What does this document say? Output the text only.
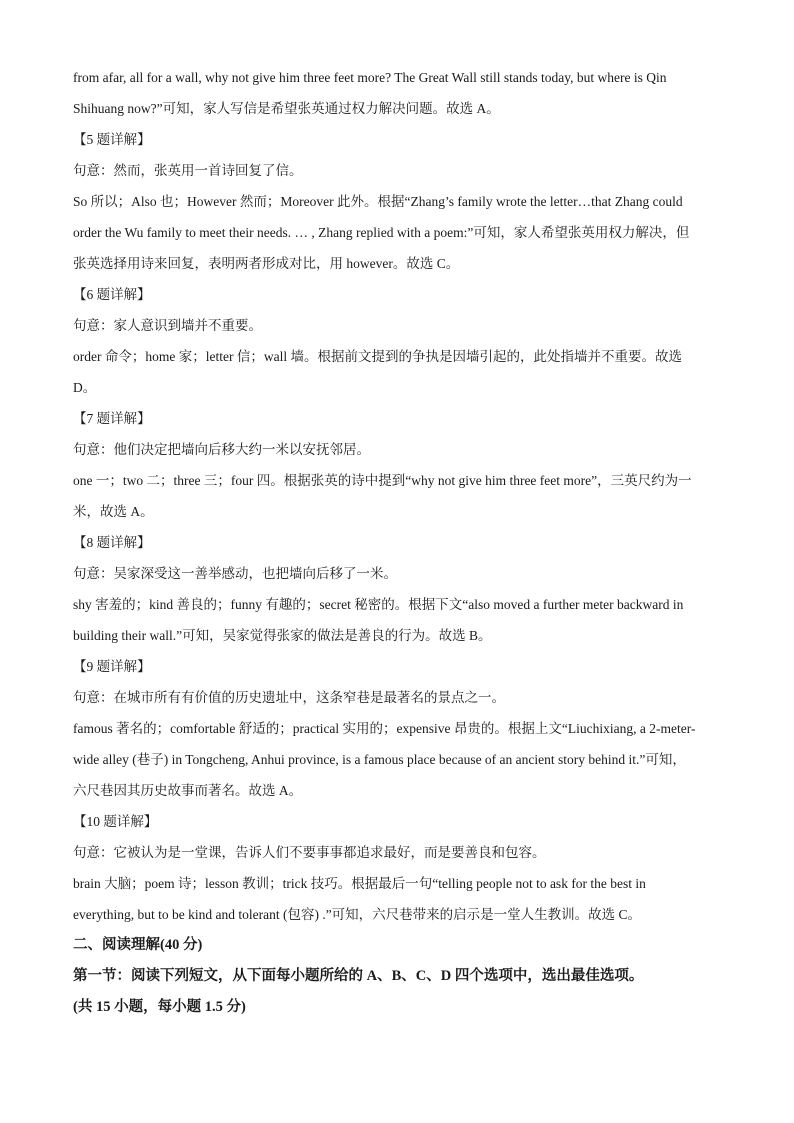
from afar, all for a wall, why not give him three feet more? The Great Wall still stands today, but where is Qin
Shihuang now?”可知，家人写信是希望张英通过权力解决问题。故选 A。
【5 题详解】
句意：然而，张英用一首诗回复了信。
So 所以；Also 也；However 然而；Moreover 此外。根据“Zhang’s family wrote the letter…that Zhang could
order the Wu family to meet their needs. … , Zhang replied with a poem:”可知，家人希望张英用权力解决，但
张英选择用诗来回复，表明两者形成对比，用 however。故选 C。
【6 题详解】
句意：家人意识到墙并不重要。
order 命令；home 家；letter 信；wall 墙。根据前文提到的争执是因墙引起的，此处指墙并不重要。故选
D。
【7 题详解】
句意：他们决定把墙向后移大约一米以安抚邻居。
one 一；two 二；three 三；four 四。根据张英的诗中提到“why not give him three feet more”，三英尺约为一
米，故选 A。
【8 题详解】
句意：吴家深受这一善举感动，也把墙向后移了一米。
shy 害羞的；kind 善良的；funny 有趣的；secret 秘密的。根据下文“also moved a further meter backward in
building their wall.”可知，吴家觉得张家的做法是善良的行为。故选 B。
【9 题详解】
句意：在城市所有有价值的历史遗址中，这条窄巷是最著名的景点之一。
famous 著名的；comfortable 舒适的；practical 实用的；expensive 昂贵的。根据上文“Liuchixiang, a 2-meter-
wide alley (巷子) in Tongcheng, Anhui province, is a famous place because of an ancient story behind it.”可知，
六尺巷因其历史故事而著名。故选 A。
【10 题详解】
句意：它被认为是一堂课，告诉人们不要事事都追求最好，而是要善良和包容。
brain 大脑；poem 诗；lesson 教训；trick 技巧。根据最后一句“telling people not to ask for the best in
everything, but to be kind and tolerant (包容) .”可知，六尺巷带来的启示是一堂人生教训。故选 C。
二、阅读理解(40 分)
第一节：阅读下列短文，从下面每小题所给的 A、B、C、D 四个选项中，选出最佳选项。
(共 15 小题，每小题 1.5 分)
